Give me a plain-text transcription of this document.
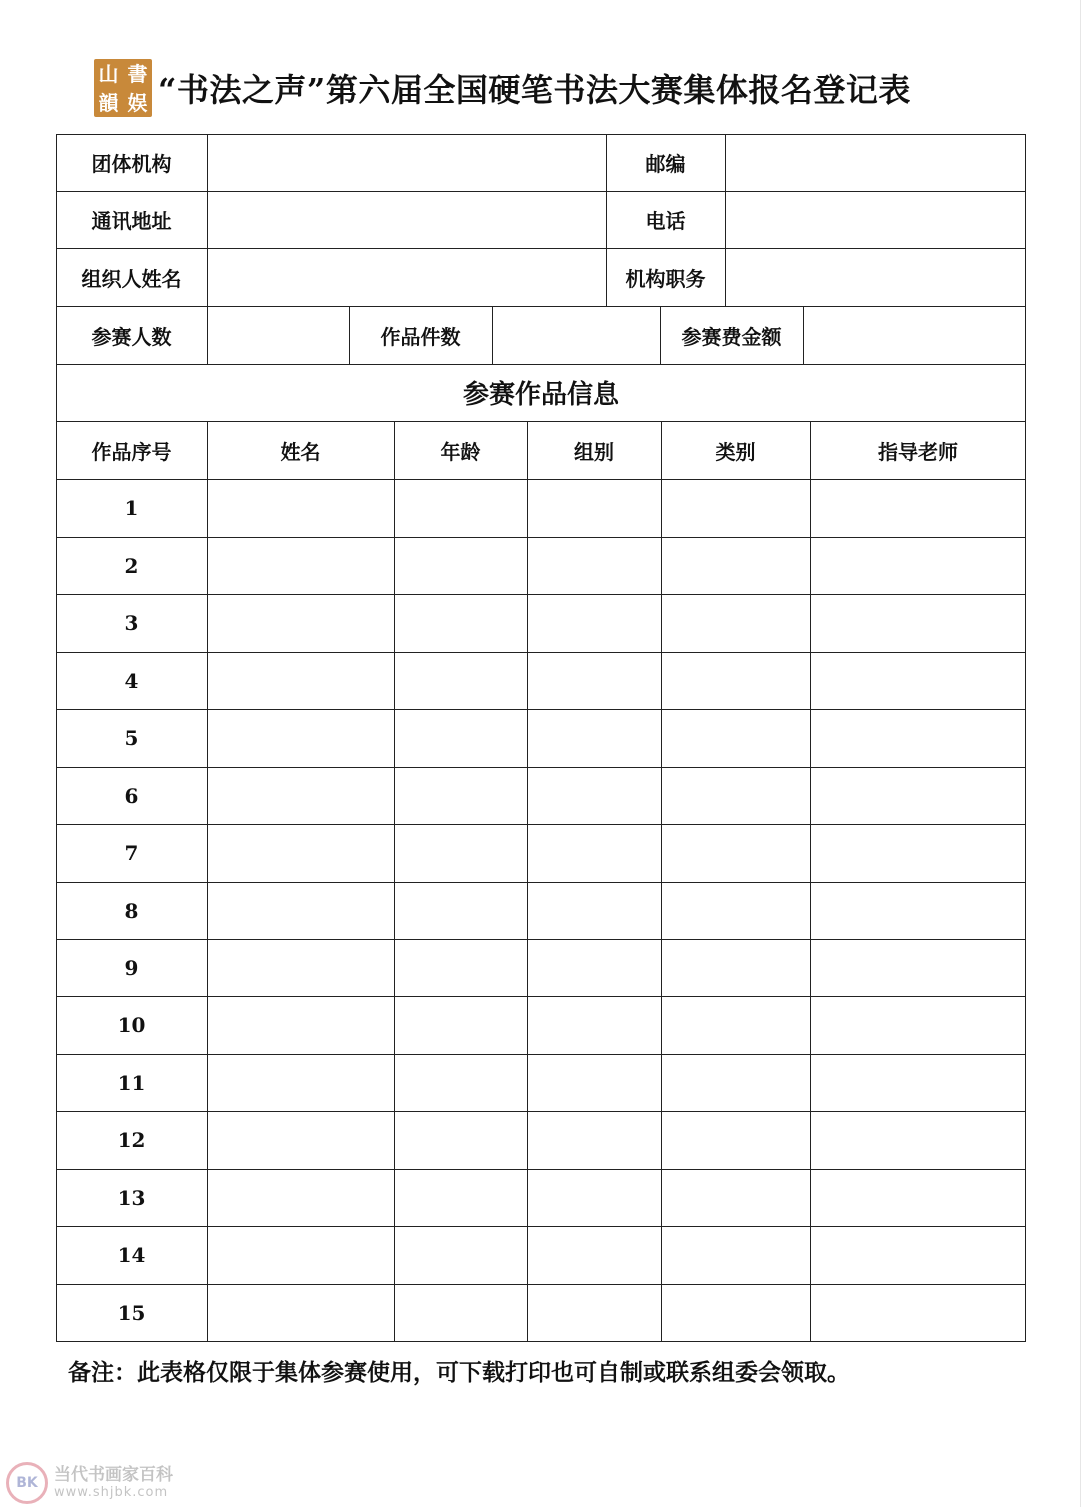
山 書
韻 娱 “书法之声”第六届全国硬笔书法大赛集体报名登记表
团体机构	邮编
通讯地址	电话
组织人姓名	机构职务
参赛人数	作品件数	参赛费金额
参赛作品信息
作品序号	姓名	年龄	组别	类别	指导老师
1
2
3
4
5
6
7
8
9
10
11
12
13
14
15
备注：此表格仅限于集体参赛使用，可下载打印也可自制或联系组委会领取。
BK 当代书画家百科
www.shjbk.com
